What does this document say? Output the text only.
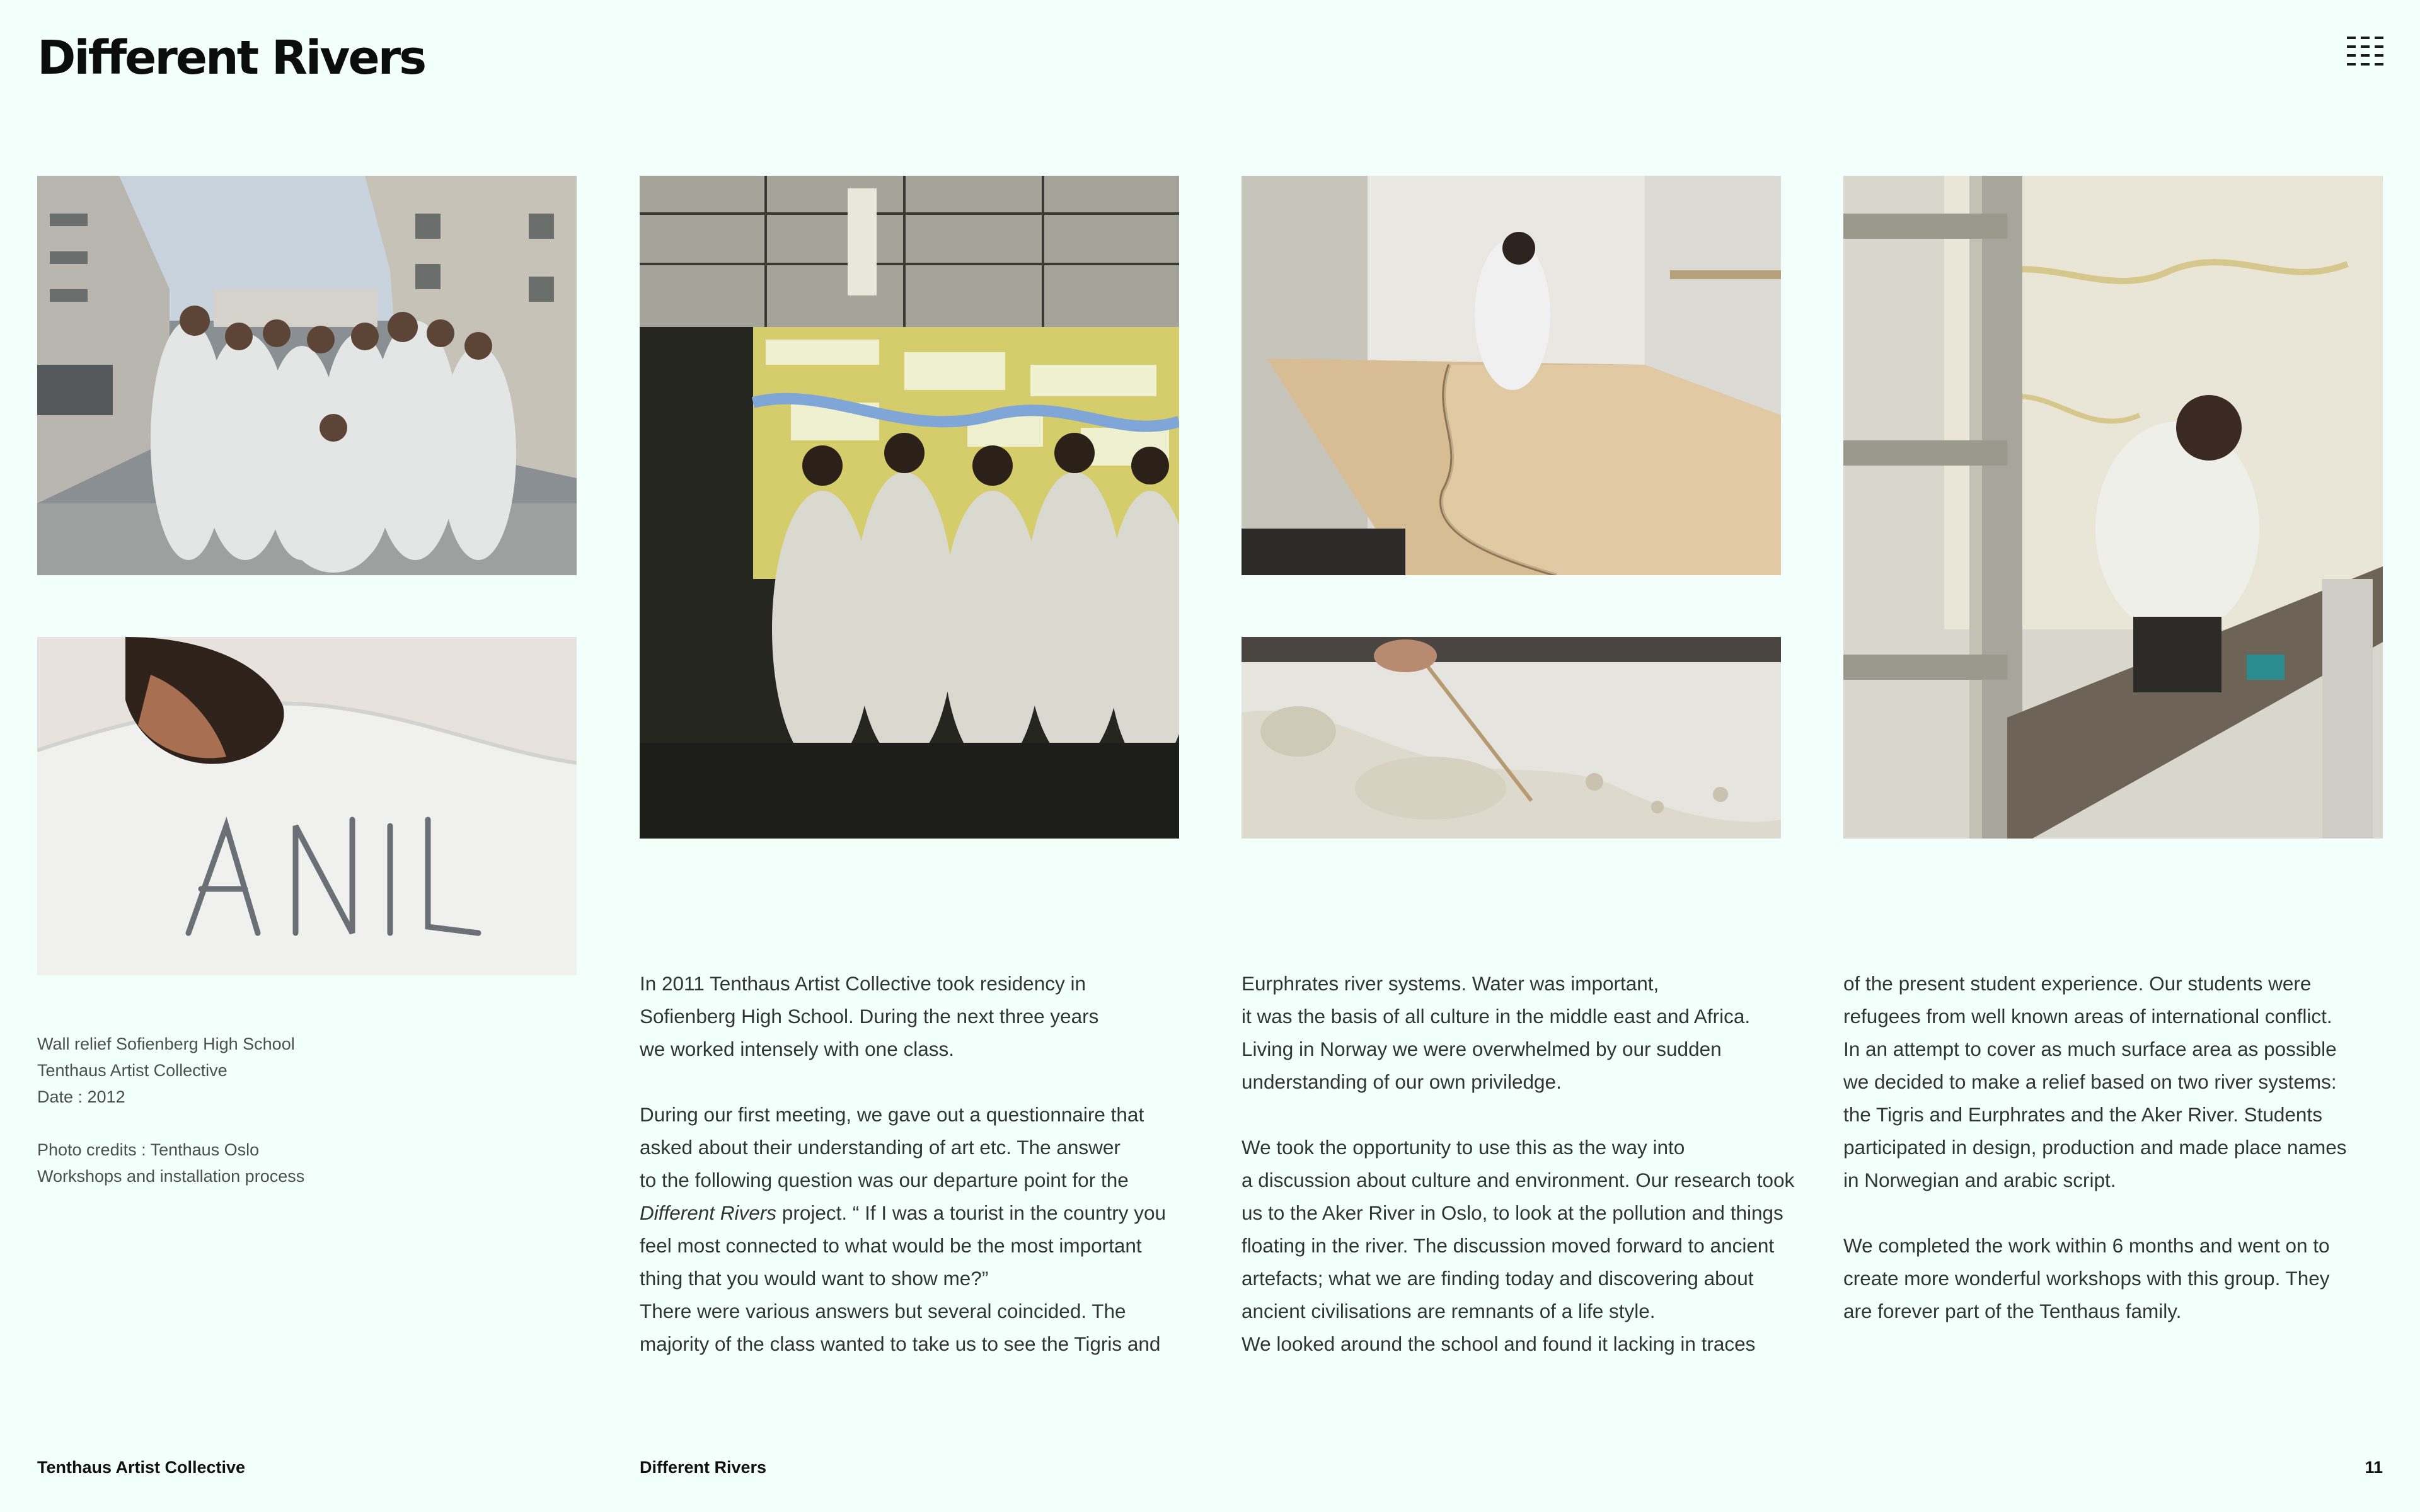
Different Rivers

Wall relief Sofienberg High School

Tenthaus Artist Collective

Date : 2012

Photo credits : Tenthaus Oslo

Workshops and installation process

In 2011 Tenthaus Artist Collective took residency in

Sofienberg High School. During the next three years

we worked intensely with one class.

During our first meeting, we gave out a questionnaire that

asked about their understanding of art etc. The answer

to the following question was our departure point for the

Different Rivers project. “ If I was a tourist in the country you

feel most connected to what would be the most important

thing that you would want to show me?”

There were various answers but several coincided. The

majority of the class wanted to take us to see the Tigris and

Eurphrates river systems. Water was important,

it was the basis of all culture in the middle east and Africa.

Living in Norway we were overwhelmed by our sudden

understanding of our own priviledge.

We took the opportunity to use this as the way into

a discussion about culture and environment. Our research took

us to the Aker River in Oslo, to look at the pollution and things

floating in the river. The discussion moved forward to ancient

artefacts; what we are finding today and discovering about

ancient civilisations are remnants of a life style.

We looked around the school and found it lacking in traces

of the present student experience. Our students were

refugees from well known areas of international conflict.

In an attempt to cover as much surface area as possible

we decided to make a relief based on two river systems:

the Tigris and Eurphrates and the Aker River. Students

participated in design, production and made place names

in Norwegian and arabic script.

We completed the work within 6 months and went on to

create more wonderful workshops with this group. They

are forever part of the Tenthaus family.

Tenthaus Artist Collective	Different Rivers	11
